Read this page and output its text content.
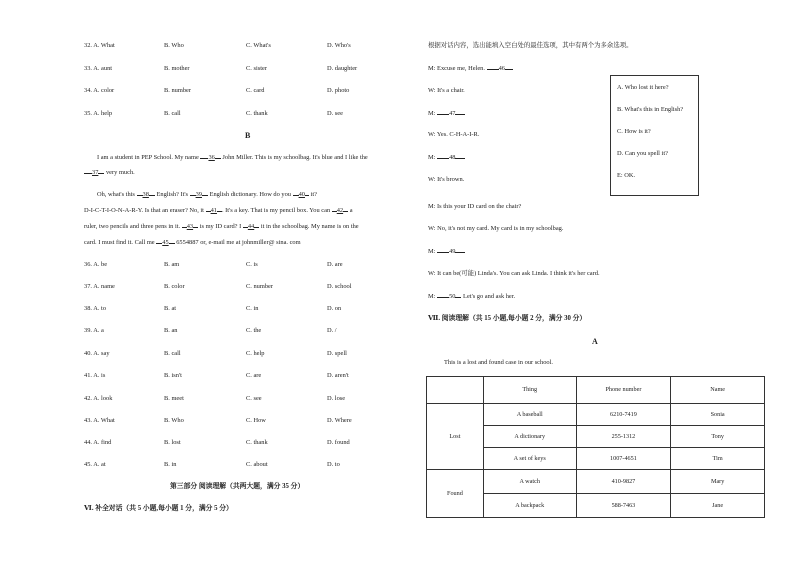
32. A. What	B. Who	C. What's	D. Who's
33. A. aunt	B. mother	C. sister	D. daughter
34. A. color	B. number	C. card	D. photo
35. A. help	B. call	C. thank	D. see
B
I am a student in PEP School. My name 36 John Miller. This is my schoolbag. It's blue and I like the
37 very much.
Oh, what's this 38 English? It's 39 English dictionary. How do you 40 it?
D-I-C-T-I-O-N-A-R-Y. Is that an eraser? No, it 41 . It's a key. That is my pencil box. You can 42 a
ruler, two pencils and three pens in it. 43 is my ID card? I 44 it in the schoolbag. My name is on the
card. I must find it. Call me 45 6554887 or, e-mail me at johnmiller@ sina. com
36. A. be	B. am	C. is	D. are
37. A. name	B. color	C. number	D. school
38. A. to	B. at	C. in	D. on
39. A. a	B. an	C. the	D. /
40. A. say	B. call	C. help	D. spell
41. A. is	B. isn't	C. are	D. aren't
42. A. look	B. meet	C. see	D. lose
43. A. What	B. Who	C. How	D. Where
44. A. find	B. lost	C. thank	D. found
45. A. at	B. in	C. about	D. to
第三部分 阅读理解（共两大题，满分 35 分）
Ⅵ. 补全对话（共 5 小题,每小题 1 分，满分 5 分）
根据对话内容，选出能填入空白处的最佳选项，其中有两个为多余选项。
M: Excuse me, Helen. 46
W: It's a chair.
M: 47
W: Yes. C-H-A-I-R.
M: 48
W: It's brown.
M: Is this your ID card on the chair?
W: No, it's not my card. My card is in my schoolbag.
M: 49
W: It can be(可能) Linda's. You can ask Linda. I think it's her card.
M: 50 Let's go and ask her.
A. Who lost it here?
B. What's this in English?
C. How is it?
D. Can you spell it?
E: OK.
Ⅶ. 阅读理解（共 15 小题,每小题 2 分，满分 30 分）
A
This is a lost and found case in our school.
	Thing	Phone number	Name
Lost	A baseball	6210-7419	Sonia
	A dictionary	255-1312	Tony
	A set of keys	1007-4651	Tim
Found	A watch	410-9827	Mary
	A backpack	588-7463	Jane
